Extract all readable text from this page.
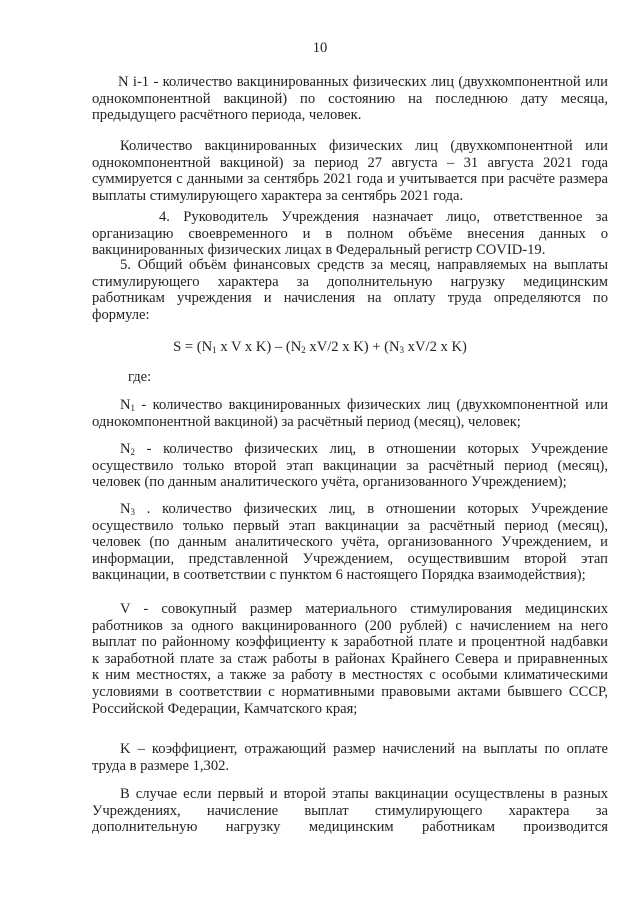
10
N i-1 - количество вакцинированных физических лиц (двухкомпонентной или
однокомпонентной вакциной) по состоянию на последнюю дату месяца,
предыдущего расчётного периода, человек.
Количество вакцинированных физических лиц (двухкомпонентной или
однокомпонентной вакциной) за период 27 августа – 31 августа 2021 года
суммируется с данными за сентябрь 2021 года и учитывается при расчёте размера
выплаты стимулирующего характера за сентябрь 2021 года.
4. Руководитель Учреждения назначает лицо, ответственное за
организацию своевременного и в полном объёме внесения данных о
вакцинированных физических лицах в Федеральный регистр COVID-19.
5. Общий объём финансовых средств за месяц, направляемых на выплаты
стимулирующего характера за дополнительную нагрузку медицинским
работникам учреждения и начисления на оплату труда определяются по
формуле:
$S = (N_1$ x V x $K) - (N_2$ xV/2 x $K) + (N_3$ xV/2 x K)
где:
$N_1$ - количество вакцинированных физических лиц (двухкомпонентной или
однокомпонентной вакциной) за расчётный период (месяц), человек;
$N_2$ - количество физических лиц, в отношении которых Учреждение
осуществило только второй этап вакцинации за расчётный период (месяц),
человек (по данным аналитического учёта, организованного Учреждением);
$N_3$ . количество физических лиц, в отношении которых Учреждение
осуществило только первый этап вакцинации за расчётный период (месяц),
человек (по данным аналитического учёта, организованного Учреждением, и
информации, представленной Учреждением, осуществившим второй этап
вакцинации, в соответствии с пунктом 6 настоящего Порядка взаимодействия);
V - совокупный размер материального стимулирования медицинских
работников за одного вакцинированного (200 рублей) с начислением на него
выплат по районному коэффициенту к заработной плате и процентной надбавки
к заработной плате за стаж работы в районах Крайнего Севера и приравненных
к ним местностях, а также за работу в местностях с особыми климатическими
условиями в соответствии с нормативными правовыми актами бывшего СССР,
Российской Федерации, Камчатского края;
K – коэффициент, отражающий размер начислений на выплаты по оплате
труда в размере 1,302.
В случае если первый и второй этапы вакцинации осуществлены в разных
Учреждениях, начисление выплат стимулирующего характера за
дополнительную нагрузку медицинским работникам производится
